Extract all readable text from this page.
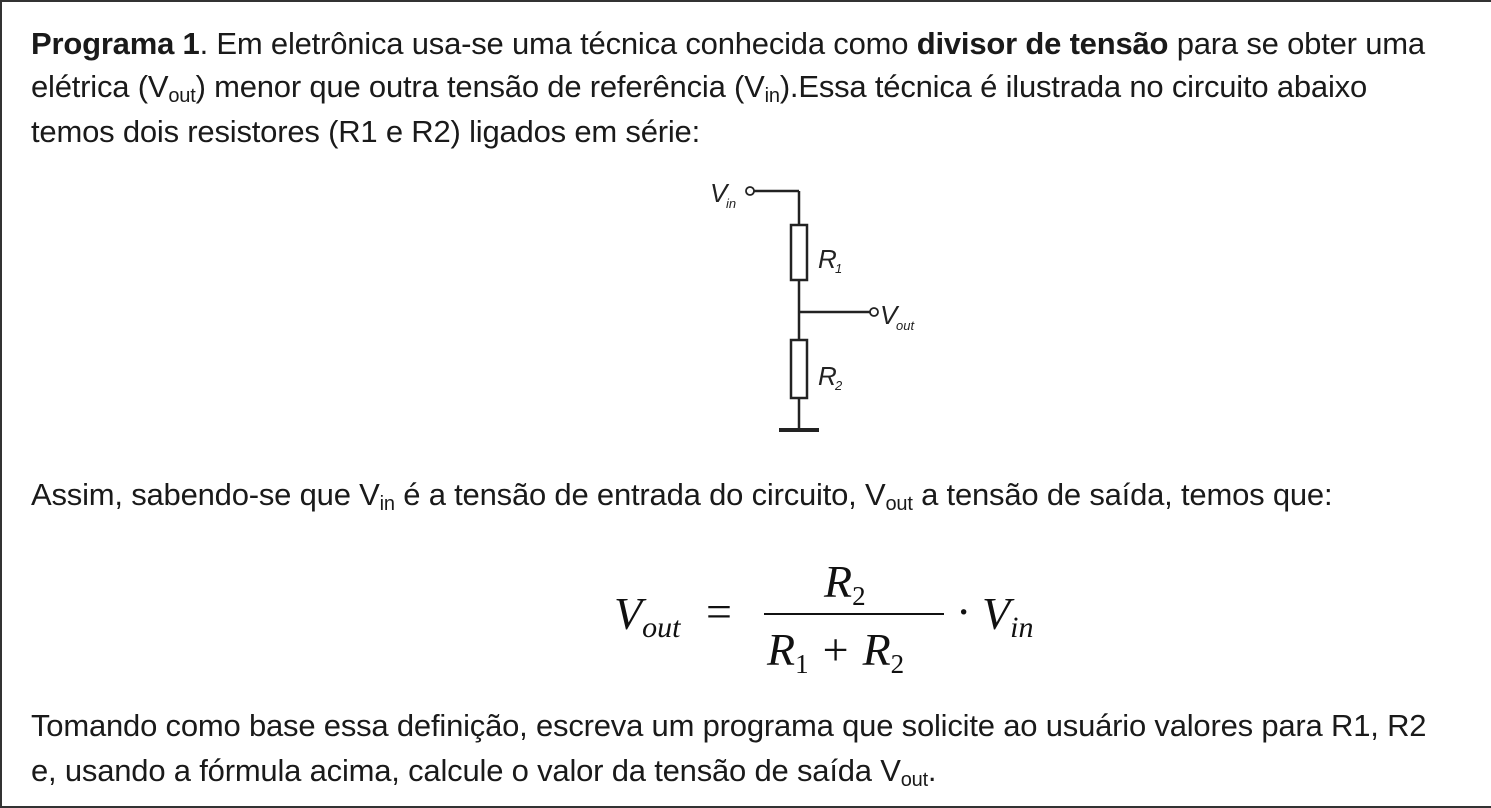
Programa 1. Em eletrônica usa-se uma técnica conhecida como divisor de tensão para se obter uma
elétrica (Vout) menor que outra tensão de referência (Vin).Essa técnica é ilustrada no circuito abaixo
temos dois resistores (R1 e R2) ligados em série:
V
in
R
1
V
out
R
2
Assim, sabendo-se que Vin é a tensão de entrada do circuito, Vout a tensão de saída, temos que:
Vout =
R2
R1 + R2
· Vin
Tomando como base essa definição, escreva um programa que solicite ao usuário valores para R1, R2
e, usando a fórmula acima, calcule o valor da tensão de saída Vout.
